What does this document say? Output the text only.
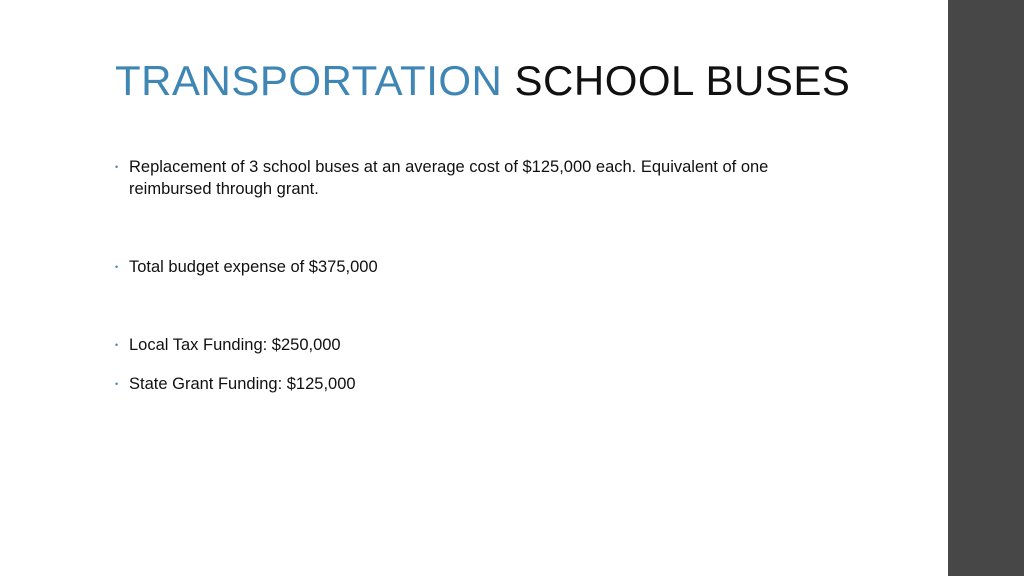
TRANSPORTATION SCHOOL BUSES
• Replacement of 3 school buses at an average cost of $125,000 each. Equivalent of one reimbursed through grant.
• Total budget expense of $375,000
• Local Tax Funding: $250,000
• State Grant Funding: $125,000
